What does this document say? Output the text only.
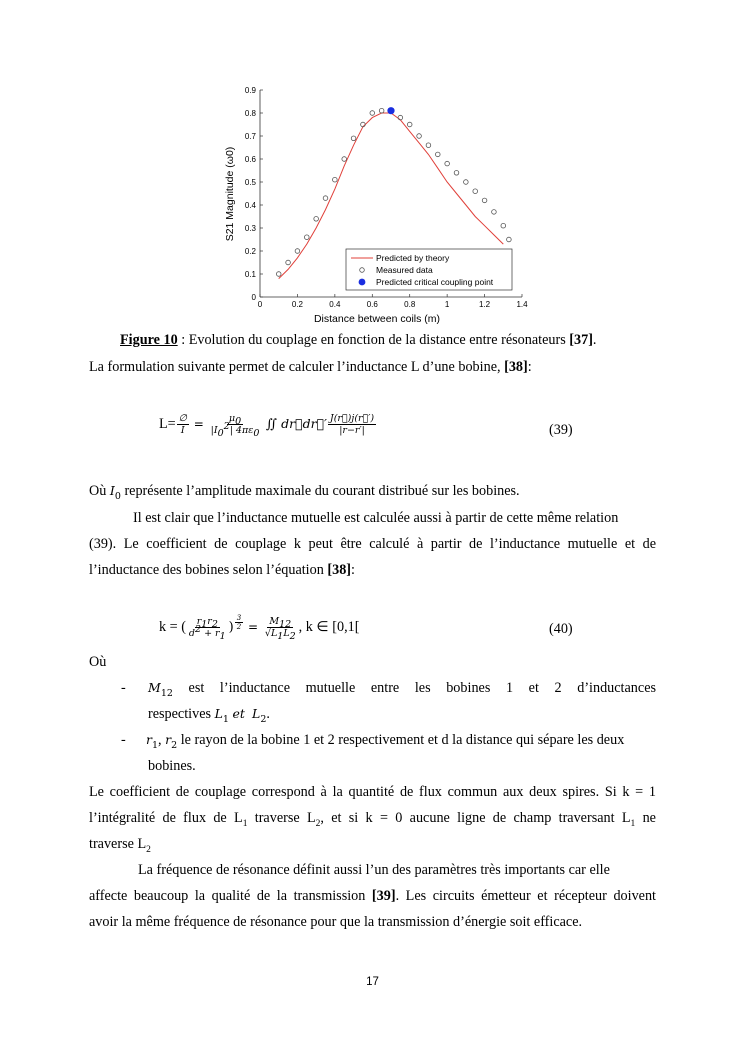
0
0.1
0.2
0.3
0.4
0.5
0.6
0.7
0.8
0.9
0	0.2	0.4	0.6	0.8	1	1.2	1.4
Distance between coils (m)
S21 Magnitude (ω0)
Predicted by theory
Measured data
Predicted critical coupling point
Figure 10 : Evolution du couplage en fonction de la distance entre résonateurs [37].
La formulation suivante permet de calculer l’inductance L d’une bobine, [38]:
$L= \frac{\emptyset}{I} = \frac{\mu_0}{|I_0^2| 4\pi\varepsilon_0}$ ∬ dr⃗dr⃗′ $\frac{J(r⃗)j(r⃗')}{|r-r'|}$	(39)
Où $I_0$ représente l’amplitude maximale du courant distribué sur les bobines.
Il est clair que l’inductance mutuelle est calculée aussi à partir de cette même relation
(39). Le coefficient de couplage k peut être calculé à partir de l’inductance mutuelle et de
l’inductance des bobines selon l’équation [38]:
k = ( $\frac{r_1r_2}{d^2 + r_1}$ ) $^{\frac{3}{2}} = \frac{M_{12}}{√L_1L_2}$ , k ∈ [0,1[	(40)
Où
- $M_{12}$ est l’inductance mutuelle entre les bobines 1 et 2 d’inductances
respectives $L_1$ et $L_2$.
- $r_1$, $r_2$ le rayon de la bobine 1 et 2 respectivement et d la distance qui sépare les deux
bobines.
Le coefficient de couplage correspond à la quantité de flux commun aux deux spires. Si k = 1
l’intégralité de flux de $L_1$ traverse $L_2$, et si k = 0 aucune ligne de champ traversant $L_1$ ne
traverse $L_2$
La fréquence de résonance définit aussi l’un des paramètres très importants car elle
affecte beaucoup la qualité de la transmission [39]. Les circuits émetteur et récepteur doivent
avoir la même fréquence de résonance pour que la transmission d’énergie soit efficace.
17
